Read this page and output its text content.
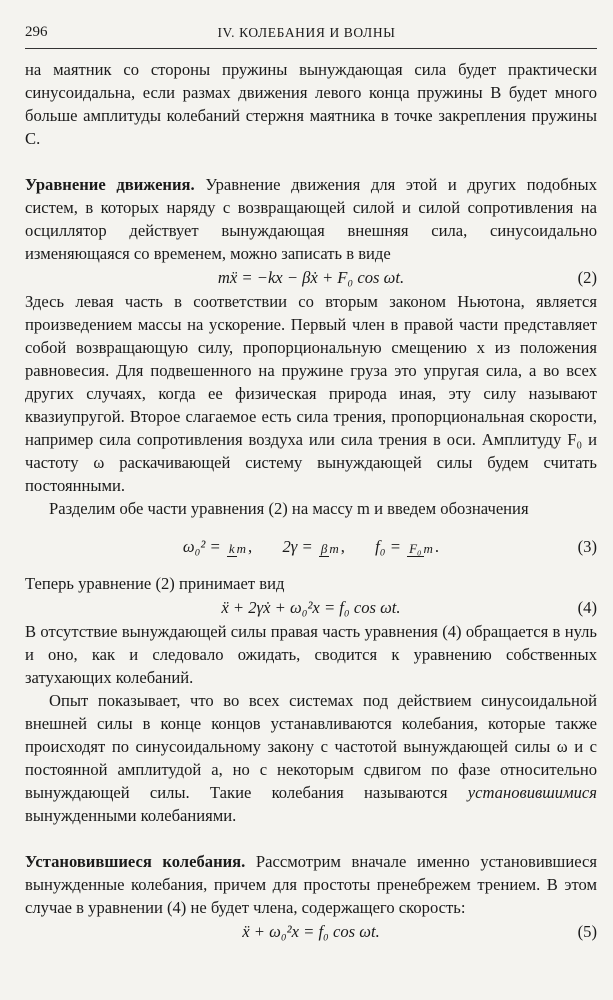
296	IV. КОЛЕБАНИЯ И ВОЛНЫ

на маятник со стороны пружины вынуждающая сила будет практически синусоидальна, если размах движения левого конца пружины B будет много больше амплитуды колебаний стержня маятника в точке закрепления пружины C.

Уравнение движения. Уравнение движения для этой и других подобных систем, в которых наряду с возвращающей силой и силой сопротивления на осциллятор действует вынуждающая внешняя сила, синусоидально изменяющаяся со временем, можно записать в виде

mẍ = −kx − βẋ + F₀ cos ωt.	(2)

Здесь левая часть в соответствии со вторым законом Ньютона, является произведением массы на ускорение. Первый член в правой части представляет собой возвращающую силу, пропорциональную смещению x из положения равновесия. Для подвешенного на пружине груза это упругая сила, а во всех других случаях, когда ее физическая природа иная, эту силу называют квазиупругой. Второе слагаемое есть сила трения, пропорциональная скорости, например сила сопротивления воздуха или сила трения в оси. Амплитуду F₀ и частоту ω раскачивающей систему вынуждающей силы будем считать постоянными.

Разделим обе части уравнения (2) на массу m и введем обозначения

ω₀² = k m ,  2γ = β m ,  f₀ = F₀ m .	(3)

Теперь уравнение (2) принимает вид

ẍ + 2γẋ + ω₀²x = f₀ cos ωt.	(4)

В отсутствие вынуждающей силы правая часть уравнения (4) обращается в нуль и оно, как и следовало ожидать, сводится к уравнению собственных затухающих колебаний.

Опыт показывает, что во всех системах под действием синусоидальной внешней силы в конце концов устанавливаются колебания, которые также происходят по синусоидальному закону с частотой вынуждающей силы ω и с постоянной амплитудой a, но с некоторым сдвигом по фазе относительно вынуждающей силы. Такие колебания называются установившимися вынужденными колебаниями.

Установившиеся колебания. Рассмотрим вначале именно установившиеся вынужденные колебания, причем для простоты пренебрежем трением. В этом случае в уравнении (4) не будет члена, содержащего скорость:

ẍ + ω₀²x = f₀ cos ωt.	(5)
